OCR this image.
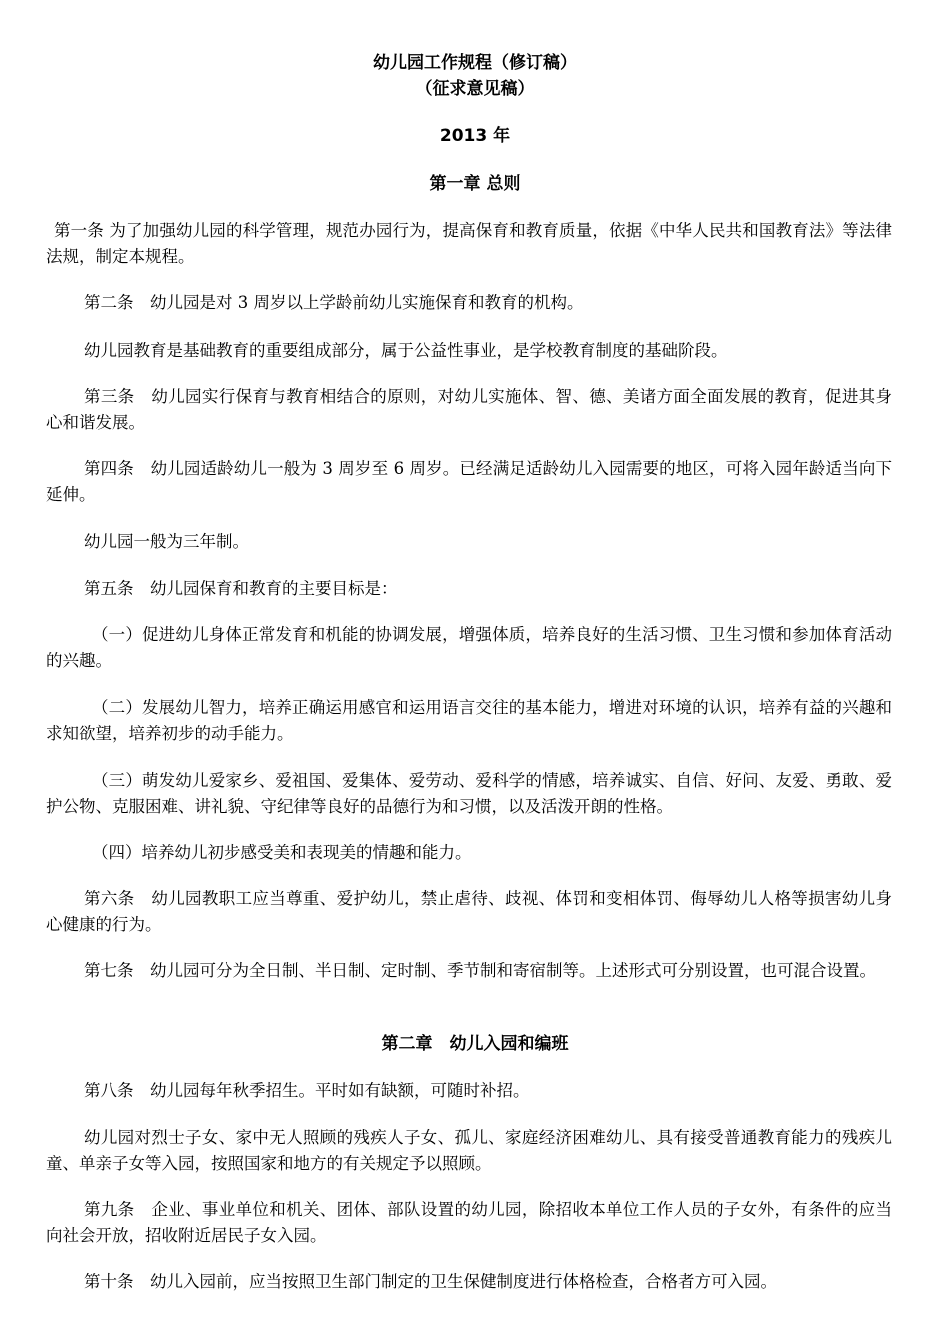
幼儿园工作规程（修订稿）
（征求意见稿）
2013 年
第一章 总则
第一条 为了加强幼儿园的科学管理，规范办园行为，提高保育和教育质量，依据《中华人民共和国教育法》等法律法规，制定本规程。
第二条　幼儿园是对 3 周岁以上学龄前幼儿实施保育和教育的机构。
幼儿园教育是基础教育的重要组成部分，属于公益性事业，是学校教育制度的基础阶段。
第三条　幼儿园实行保育与教育相结合的原则，对幼儿实施体、智、德、美诸方面全面发展的教育，促进其身心和谐发展。
第四条　幼儿园适龄幼儿一般为 3 周岁至 6 周岁。已经满足适龄幼儿入园需要的地区，可将入园年龄适当向下延伸。
幼儿园一般为三年制。
第五条　幼儿园保育和教育的主要目标是：
（一）促进幼儿身体正常发育和机能的协调发展，增强体质，培养良好的生活习惯、卫生习惯和参加体育活动的兴趣。
（二）发展幼儿智力，培养正确运用感官和运用语言交往的基本能力，增进对环境的认识，培养有益的兴趣和求知欲望，培养初步的动手能力。
（三）萌发幼儿爱家乡、爱祖国、爱集体、爱劳动、爱科学的情感，培养诚实、自信、好问、友爱、勇敢、爱护公物、克服困难、讲礼貌、守纪律等良好的品德行为和习惯，以及活泼开朗的性格。
（四）培养幼儿初步感受美和表现美的情趣和能力。
第六条　幼儿园教职工应当尊重、爱护幼儿，禁止虐待、歧视、体罚和变相体罚、侮辱幼儿人格等损害幼儿身心健康的行为。
第七条　幼儿园可分为全日制、半日制、定时制、季节制和寄宿制等。上述形式可分别设置，也可混合设置。
第二章　幼儿入园和编班
第八条　幼儿园每年秋季招生。平时如有缺额，可随时补招。
幼儿园对烈士子女、家中无人照顾的残疾人子女、孤儿、家庭经济困难幼儿、具有接受普通教育能力的残疾儿童、单亲子女等入园，按照国家和地方的有关规定予以照顾。
第九条　企业、事业单位和机关、团体、部队设置的幼儿园，除招收本单位工作人员的子女外，有条件的应当向社会开放，招收附近居民子女入园。
第十条　幼儿入园前，应当按照卫生部门制定的卫生保健制度进行体格检查，合格者方可入园。
